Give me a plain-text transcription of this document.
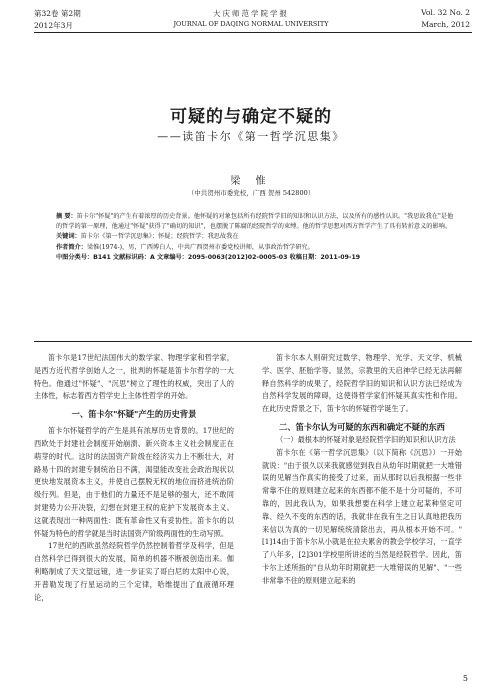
第32卷 第2期
2012年3月
大庆师范学院学报
JOURNAL OF DAQING NORMAL UNIVERSITY
Vol. 32 No. 2
March, 2012
可疑的与确定不疑的
——读笛卡尔《第一哲学沉思集》
梁 惟
（中共贺州市委党校，广西 贺州 542800）
摘 要：笛卡尔"怀疑"的产生有着浓厚的历史背景。他怀疑的对象包括所有经院哲学旧的知识和认识方法，以及所有的感性认识。"我思故我在"是他的哲学的第一原理，他通过"怀疑"获得了"确切的知识"，也摆脱了陈腐的经院哲学的束缚。他的哲学思想对西方哲学产生了具有转折意义的影响。
关键词：笛卡尔《第一哲学沉思集》；怀疑；经院哲学；我思故我在
作者简介：梁惟(1974-)，男，广西博白人，中共广西贺州市委党校讲师，从事政治哲学研究。
中图分类号：B141 文献标识码：A 文章编号：2095-0063(2012)02-0005-03 收稿日期：2011-09-19

笛卡尔是17世纪法国伟大的数学家、物理学家和哲学家，是西方近代哲学创始人之一，批判的怀疑是笛卡尔哲学的一大特色。他通过"怀疑"、"沉思"树立了理性的权威，突出了人的主体性，标志着西方哲学史上主体性哲学的开始。

一、笛卡尔"怀疑"产生的历史背景

笛卡尔怀疑哲学的产生是具有浓厚历史背景的。17世纪的西欧处于封建社会制度开始崩溃、新兴资本主义社会制度正在萌芽的时代。这时的法国资产阶级在经济实力上不断壮大，对路易十四的封建专制统治日不满，渴望能改变社会政治现状以更快地发展资本主义，并使自己摆脱无权的地位而挤进统治阶级行列。但是，由于他们的力量还不是足够的强大，还不敢同封建势力公开决裂，幻想在封建王权的庇护下发展资本主义。这就表现出一种两面性：既有革命性又有妥协性。笛卡尔的以怀疑为特色的哲学就是当时法国资产阶级两面性的生动写照。

17世纪的西欧虽然经院哲学仍然控制着哲学及科学，但是自然科学已得到很大的发展，简单的机器不断被创造出来。伽利略制成了天文望远镜，进一步证实了哥白尼的太阳中心说，开普勒发现了行星运动的三个定律，哈维提出了血液循环理论，

笛卡尔本人则研究过数学、物理学、光学、天文学、机械学、医学、胚胎学等。显然，宗教里的天启神学已经无法再解释自然科学的成果了，经院哲学旧的知识和认识方法已经成为自然科学发展的障碍，这使得哲学家们怀疑其真实性和作用。在此历史背景之下，笛卡尔的怀疑哲学诞生了。

二、笛卡尔认为可疑的东西和确定不疑的东西

（一）最根本的怀疑对象是经院哲学旧的知识和认识方法

笛卡尔在《第一哲学沉思集》（以下简称《沉思》）一开始就说："由于很久以来我就感觉到我自从幼年时期就把一大堆错误的见解当作真实的接受了过来，而从那时以后我根据一些非常靠不住的原则建立起来的东西都不能不是十分可疑的，不可靠的，因此我认为，如果我想要在科学上建立起某种坚定可靠、经久不变的东西的话，我就非在我有生之日认真地把我历来信以为真的一切见解统统清除出去，再从根本开始不可。"[1]14由于笛卡尔从小就是在拉夫累舍的教会学校学习，一直学了八年多，[2]301学校里所讲述的当然是经院哲学。因此，笛卡尔上述所指的"自从幼年时期就把一大堆错误的见解"、"一些非常靠不住的原则建立起来的

5
